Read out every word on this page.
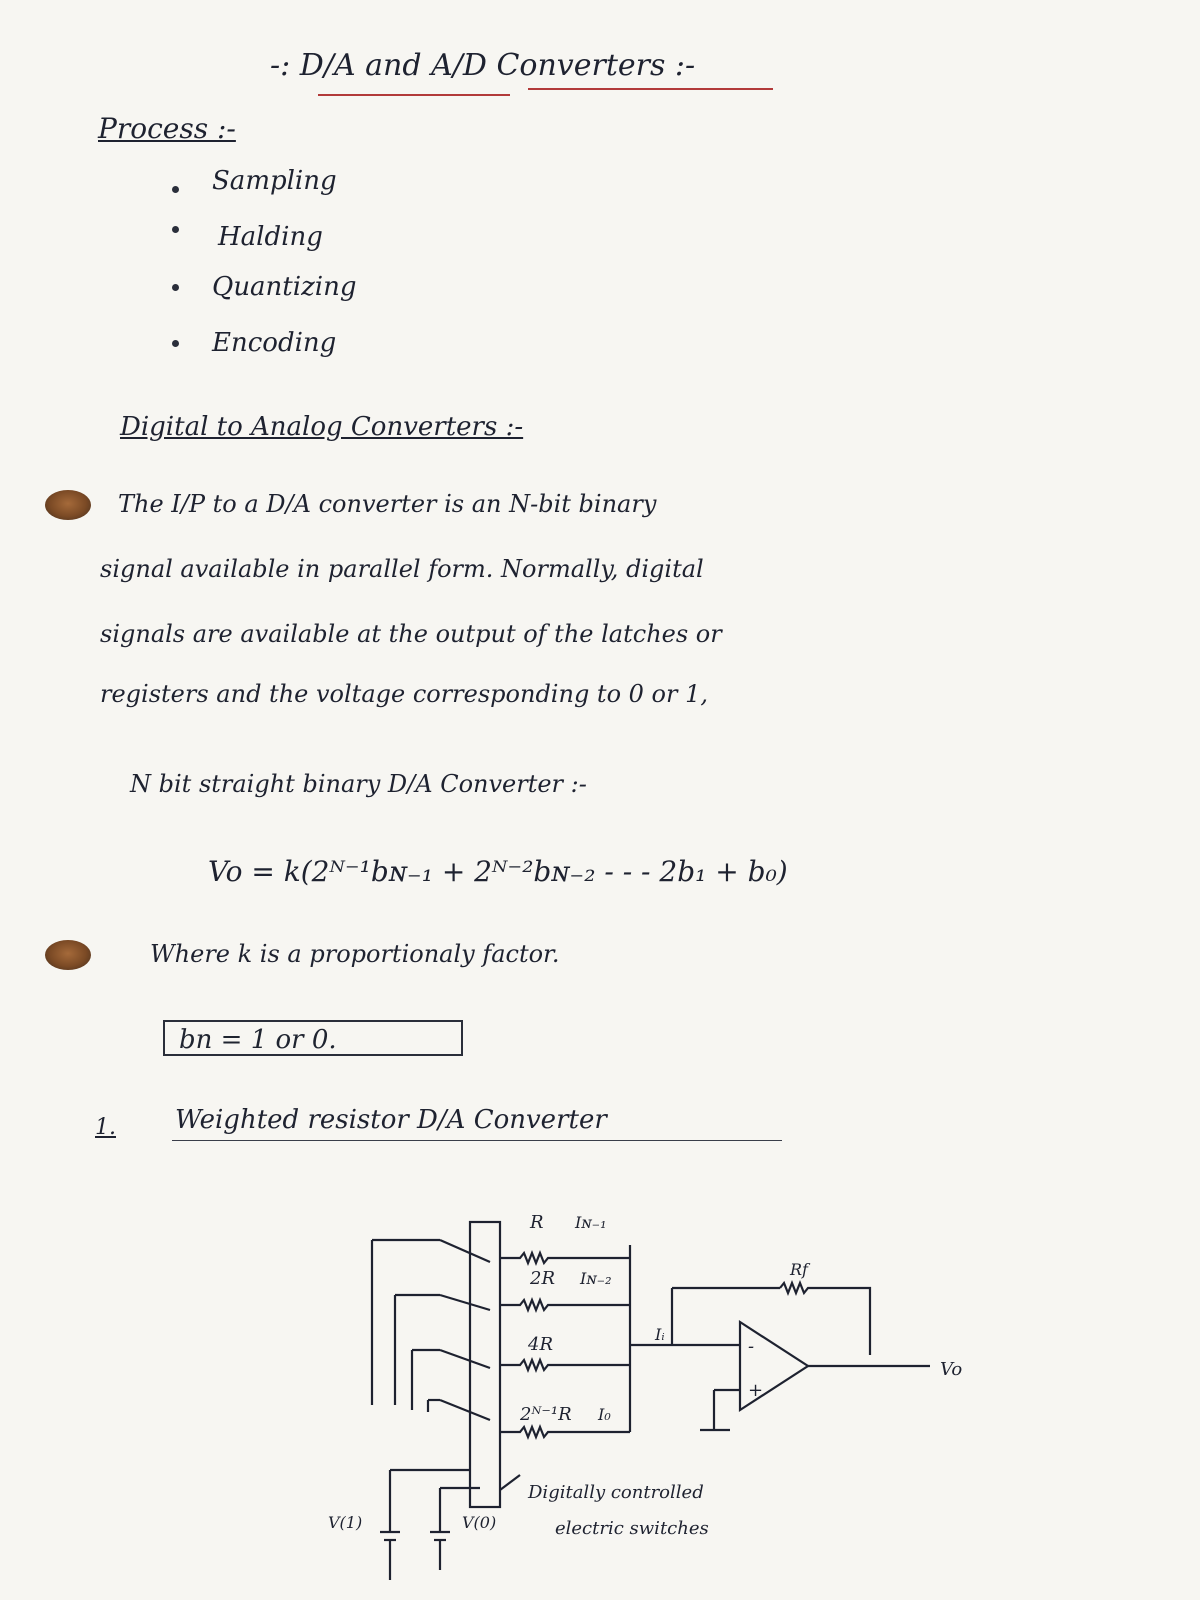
-: D/A and A/D Converters :-
Process :-
Sampling
Halding
Quantizing
Encoding
Digital to Analog Converters :-
The I/P to a D/A converter is an N-bit binary
signal available in parallel form. Normally, digital
signals are available at the output of the latches or
registers and the voltage corresponding to 0 or 1,
N bit straight binary D/A Converter :-
Vo = k(2ᴺ⁻¹bɴ₋₁ + 2ᴺ⁻²bɴ₋₂ - - - 2b₁ + b₀)
Where k is a proportionaly factor.
bn = 1 or 0.
1. Weighted resistor D/A Converter
R
2R
4R
2ᴺ⁻¹R
Iɴ₋₁
Iɴ₋₂
I₀
Rf
Iᵢ
Vo
-
+
Digitally controlled
electric switches
V(1)	V(0)
